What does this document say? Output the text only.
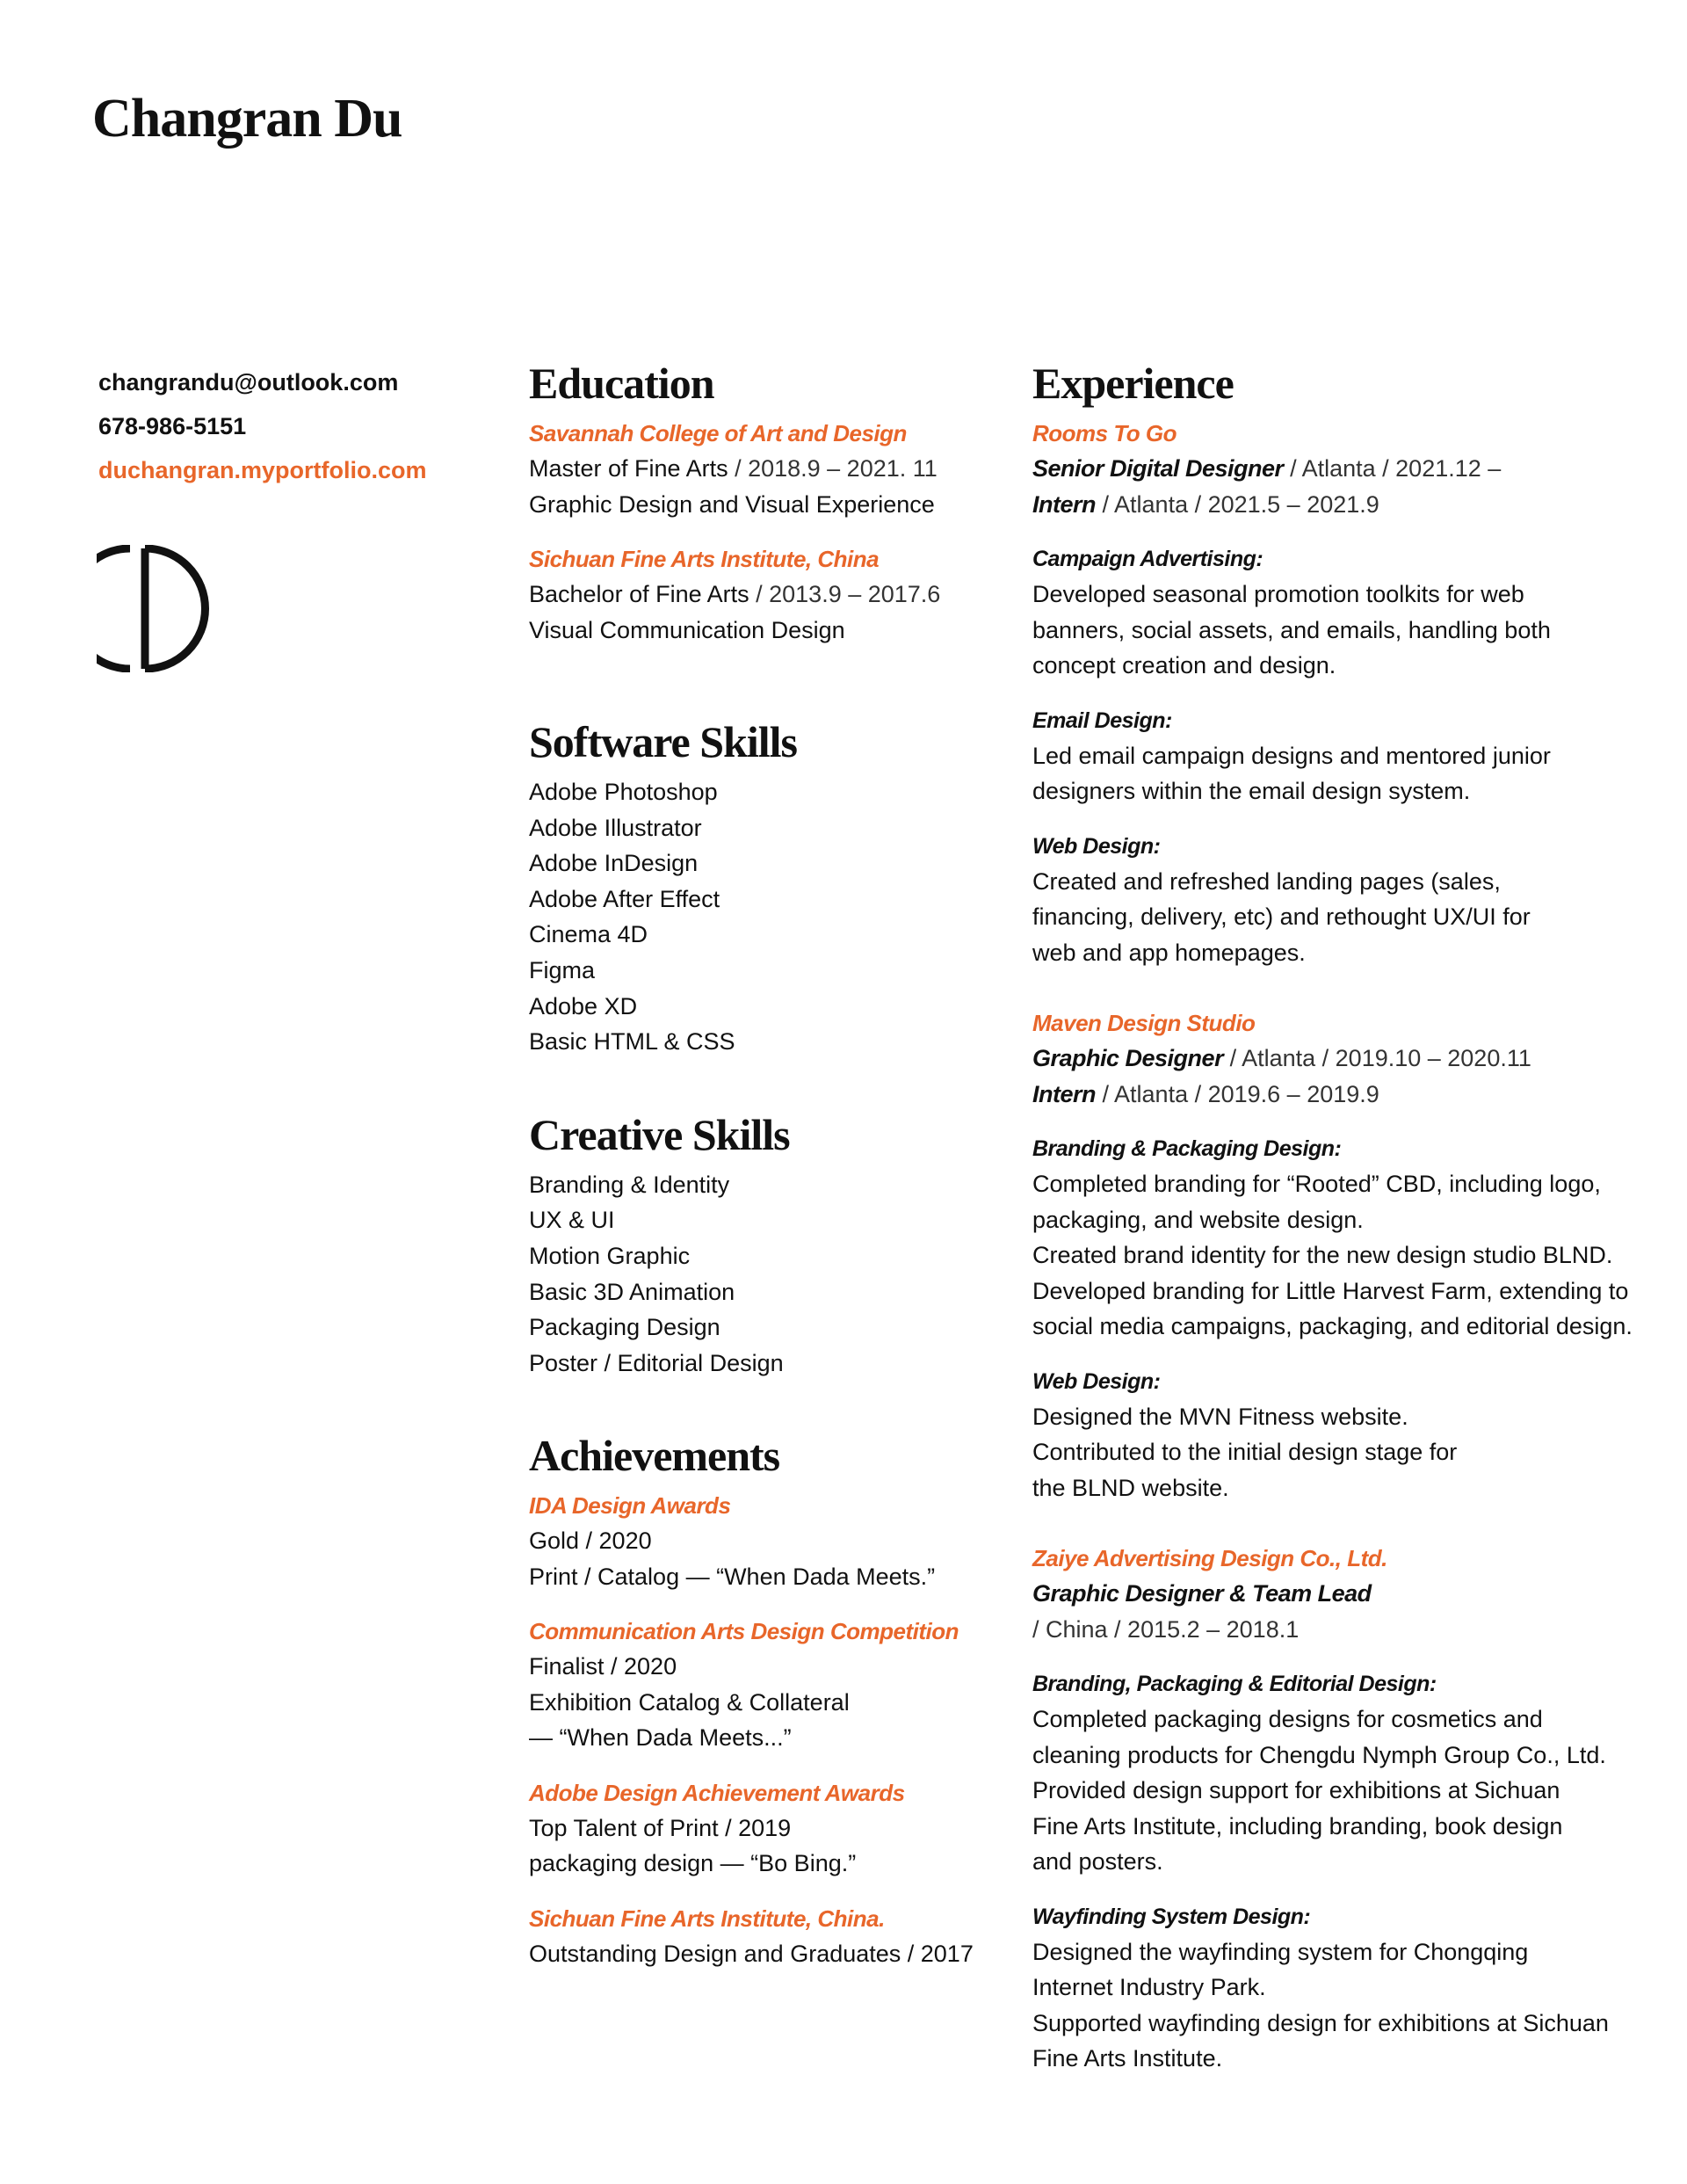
Changran Du
changrandu@outlook.com
678-986-5151
duchangran.myportfolio.com
Education
Savannah College of Art and Design
Master of Fine Arts / 2018.9 – 2021. 11
Graphic Design and Visual Experience
Sichuan Fine Arts Institute, China
Bachelor of Fine Arts / 2013.9 – 2017.6
Visual Communication Design
Software Skills
Adobe Photoshop
Adobe Illustrator
Adobe InDesign
Adobe After Effect
Cinema 4D
Figma
Adobe XD
Basic HTML & CSS
Creative Skills
Branding & Identity
UX & UI
Motion Graphic
Basic 3D Animation
Packaging Design
Poster / Editorial Design
Achievements
IDA Design Awards
Gold / 2020
Print / Catalog — “When Dada Meets.”
Communication Arts Design Competition
Finalist / 2020
Exhibition Catalog & Collateral
— “When Dada Meets...”
Adobe Design Achievement Awards
Top Talent of Print / 2019
packaging design — “Bo Bing.”
Sichuan Fine Arts Institute, China.
Outstanding Design and Graduates / 2017
Experience
Rooms To Go
Senior Digital Designer / Atlanta / 2021.12 –
Intern / Atlanta / 2021.5 – 2021.9
Campaign Advertising:
Developed seasonal promotion toolkits for web
banners, social assets, and emails, handling both
concept creation and design.
Email Design:
Led email campaign designs and mentored junior
designers within the email design system.
Web Design:
Created and refreshed landing pages (sales,
financing, delivery, etc) and rethought UX/UI for
web and app homepages.
Maven Design Studio
Graphic Designer / Atlanta / 2019.10 – 2020.11
Intern / Atlanta / 2019.6 – 2019.9
Branding & Packaging Design:
Completed branding for “Rooted” CBD, including logo,
packaging, and website design.
Created brand identity for the new design studio BLND.
Developed branding for Little Harvest Farm, extending to
social media campaigns, packaging, and editorial design.
Web Design:
Designed the MVN Fitness website.
Contributed to the initial design stage for
the BLND website.
Zaiye Advertising Design Co., Ltd.
Graphic Designer & Team Lead
/ China / 2015.2 – 2018.1
Branding, Packaging & Editorial Design:
Completed packaging designs for cosmetics and
cleaning products for Chengdu Nymph Group Co., Ltd.
Provided design support for exhibitions at Sichuan
Fine Arts Institute, including branding, book design
and posters.
Wayfinding System Design:
Designed the wayfinding system for Chongqing
Internet Industry Park.
Supported wayfinding design for exhibitions at Sichuan
Fine Arts Institute.
